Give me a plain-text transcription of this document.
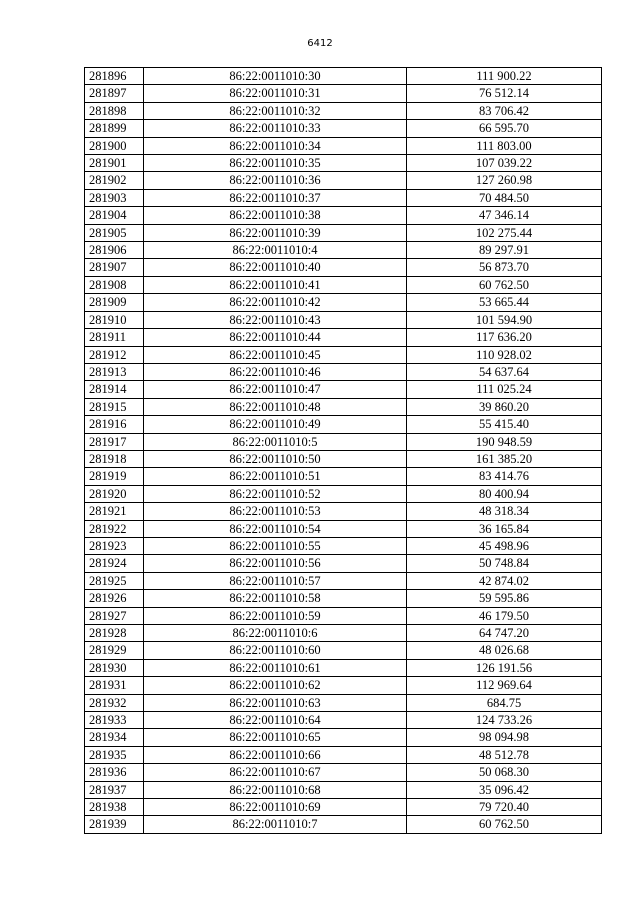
6412
281896	86:22:0011010:30	111 900.22
281897	86:22:0011010:31	76 512.14
281898	86:22:0011010:32	83 706.42
281899	86:22:0011010:33	66 595.70
281900	86:22:0011010:34	111 803.00
281901	86:22:0011010:35	107 039.22
281902	86:22:0011010:36	127 260.98
281903	86:22:0011010:37	70 484.50
281904	86:22:0011010:38	47 346.14
281905	86:22:0011010:39	102 275.44
281906	86:22:0011010:4	89 297.91
281907	86:22:0011010:40	56 873.70
281908	86:22:0011010:41	60 762.50
281909	86:22:0011010:42	53 665.44
281910	86:22:0011010:43	101 594.90
281911	86:22:0011010:44	117 636.20
281912	86:22:0011010:45	110 928.02
281913	86:22:0011010:46	54 637.64
281914	86:22:0011010:47	111 025.24
281915	86:22:0011010:48	39 860.20
281916	86:22:0011010:49	55 415.40
281917	86:22:0011010:5	190 948.59
281918	86:22:0011010:50	161 385.20
281919	86:22:0011010:51	83 414.76
281920	86:22:0011010:52	80 400.94
281921	86:22:0011010:53	48 318.34
281922	86:22:0011010:54	36 165.84
281923	86:22:0011010:55	45 498.96
281924	86:22:0011010:56	50 748.84
281925	86:22:0011010:57	42 874.02
281926	86:22:0011010:58	59 595.86
281927	86:22:0011010:59	46 179.50
281928	86:22:0011010:6	64 747.20
281929	86:22:0011010:60	48 026.68
281930	86:22:0011010:61	126 191.56
281931	86:22:0011010:62	112 969.64
281932	86:22:0011010:63	684.75
281933	86:22:0011010:64	124 733.26
281934	86:22:0011010:65	98 094.98
281935	86:22:0011010:66	48 512.78
281936	86:22:0011010:67	50 068.30
281937	86:22:0011010:68	35 096.42
281938	86:22:0011010:69	79 720.40
281939	86:22:0011010:7	60 762.50
